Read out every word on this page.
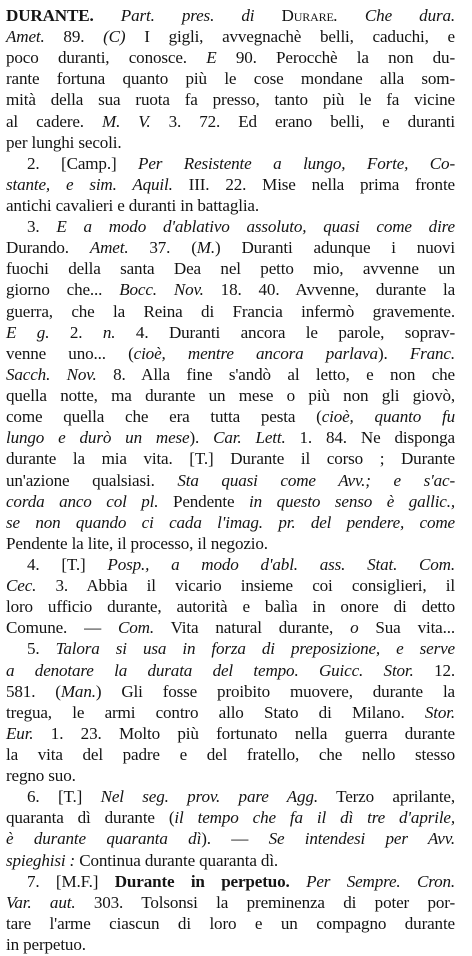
DURANTE. Part. pres. di Durare. Che dura.
Amet. 89. (C) I gigli, avvegnachè belli, caduchi, e
poco duranti, conosce. E 90. Perocchè la non du-
rante fortuna quanto più le cose mondane alla som-
mità della sua ruota fa presso, tanto più le fa vicine
al cadere. M. V. 3. 72. Ed erano belli, e duranti
per lunghi secoli.
2. [Camp.] Per Resistente a lungo, Forte, Co-
stante, e sim. Aquil. III. 22. Mise nella prima fronte
antichi cavalieri e duranti in battaglia.
3. E a modo d'ablativo assoluto, quasi come dire
Durando. Amet. 37. (M.) Duranti adunque i nuovi
fuochi della santa Dea nel petto mio, avvenne un
giorno che... Bocc. Nov. 18. 40. Avvenne, durante la
guerra, che la Reina di Francia infermò gravemente.
E g. 2. n. 4. Duranti ancora le parole, soprav-
venne uno... (cioè, mentre ancora parlava). Franc.
Sacch. Nov. 8. Alla fine s'andò al letto, e non che
quella notte, ma durante un mese o più non gli giovò,
come quella che era tutta pesta (cioè, quanto fu
lungo e durò un mese). Car. Lett. 1. 84. Ne disponga
durante la mia vita. [T.] Durante il corso ; Durante
un'azione qualsiasi. Sta quasi come Avv.; e s'ac-
corda anco col pl. Pendente in questo senso è gallic.,
se non quando ci cada l'imag. pr. del pendere, come
Pendente la lite, il processo, il negozio.
4. [T.] Posp., a modo d'abl. ass. Stat. Com.
Cec. 3. Abbia il vicario insieme coi consiglieri, il
loro ufficio durante, autorità e balìa in onore di detto
Comune. — Com. Vita natural durante, o Sua vita...
5. Talora si usa in forza di preposizione, e serve
a denotare la durata del tempo. Guicc. Stor. 12.
581. (Man.) Gli fosse proibito muovere, durante la
tregua, le armi contro allo Stato di Milano. Stor.
Eur. 1. 23. Molto più fortunato nella guerra durante
la vita del padre e del fratello, che nello stesso
regno suo.
6. [T.] Nel seg. prov. pare Agg. Terzo aprilante,
quaranta dì durante (il tempo che fa il dì tre d'aprile,
è durante quaranta dì). — Se intendesi per Avv.
spieghisi : Continua durante quaranta dì.
7. [M.F.] Durante in perpetuo. Per Sempre. Cron.
Var. aut. 303. Tolsonsi la preminenza di poter por-
tare l'arme ciascun di loro e un compagno durante
in perpetuo.
